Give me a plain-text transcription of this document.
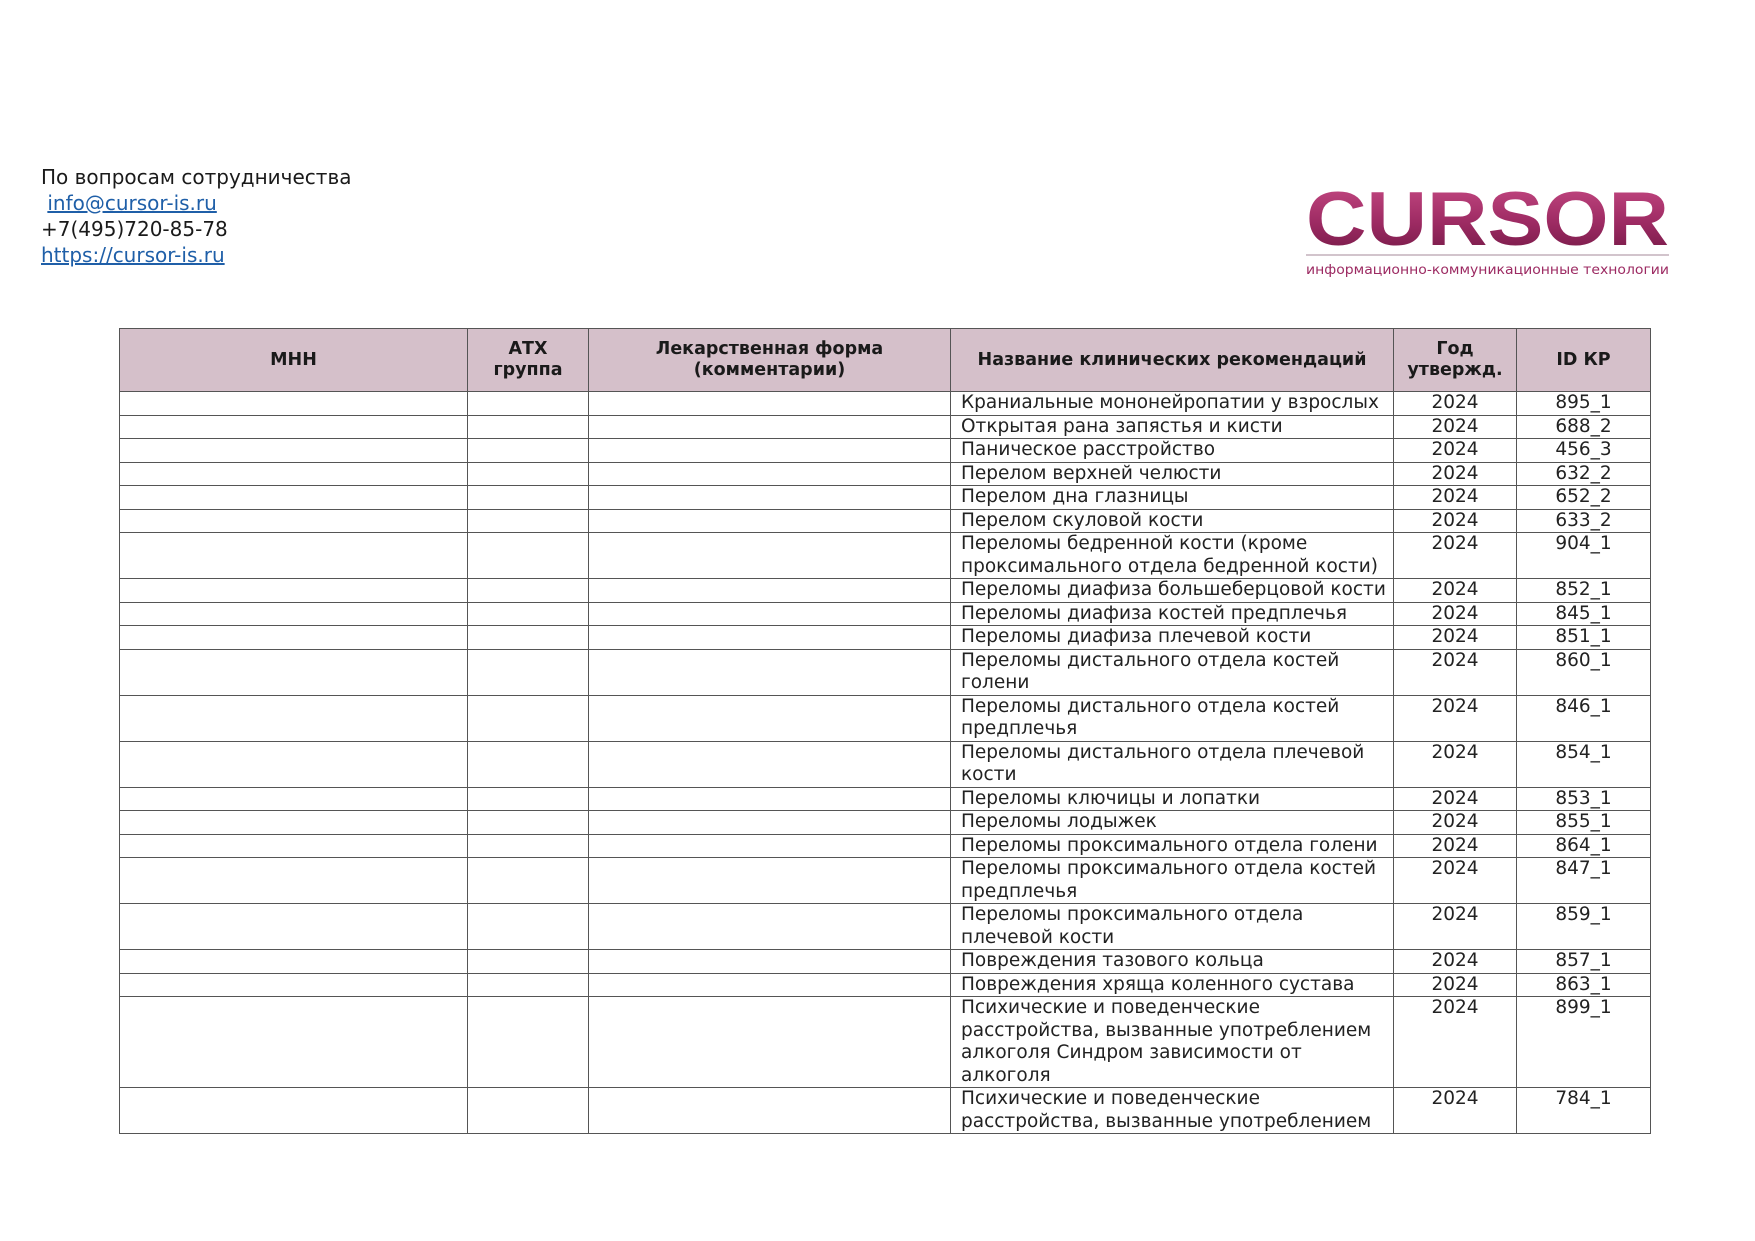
По вопросам сотрудничества
info@cursor-is.ru
+7(495)720-85-78
https://cursor-is.ru	CURSOR
информационно-коммуникационные технологии
МНН	АТХ группа	Лекарственная форма (комментарии)	Название клинических рекомендаций	Год утвержд.	ID КР
			Краниальные мононейропатии у взрослых	2024	895_1
			Открытая рана запястья и кисти	2024	688_2
			Паническое расстройство	2024	456_3
			Перелом верхней челюсти	2024	632_2
			Перелом дна глазницы	2024	652_2
			Перелом скуловой кости	2024	633_2
			Переломы бедренной кости (кроме проксимального отдела бедренной кости)	2024	904_1
			Переломы диафиза большеберцовой кости	2024	852_1
			Переломы диафиза костей предплечья	2024	845_1
			Переломы диафиза плечевой кости	2024	851_1
			Переломы дистального отдела костей голени	2024	860_1
			Переломы дистального отдела костей предплечья	2024	846_1
			Переломы дистального отдела плечевой кости	2024	854_1
			Переломы ключицы и лопатки	2024	853_1
			Переломы лодыжек	2024	855_1
			Переломы проксимального отдела голени	2024	864_1
			Переломы проксимального отдела костей предплечья	2024	847_1
			Переломы проксимального отдела плечевой кости	2024	859_1
			Повреждения тазового кольца	2024	857_1
			Повреждения хряща коленного сустава	2024	863_1
			Психические и поведенческие расстройства, вызванные употреблением алкоголя Синдром зависимости от алкоголя	2024	899_1
			Психические и поведенческие расстройства, вызванные употреблением	2024	784_1
